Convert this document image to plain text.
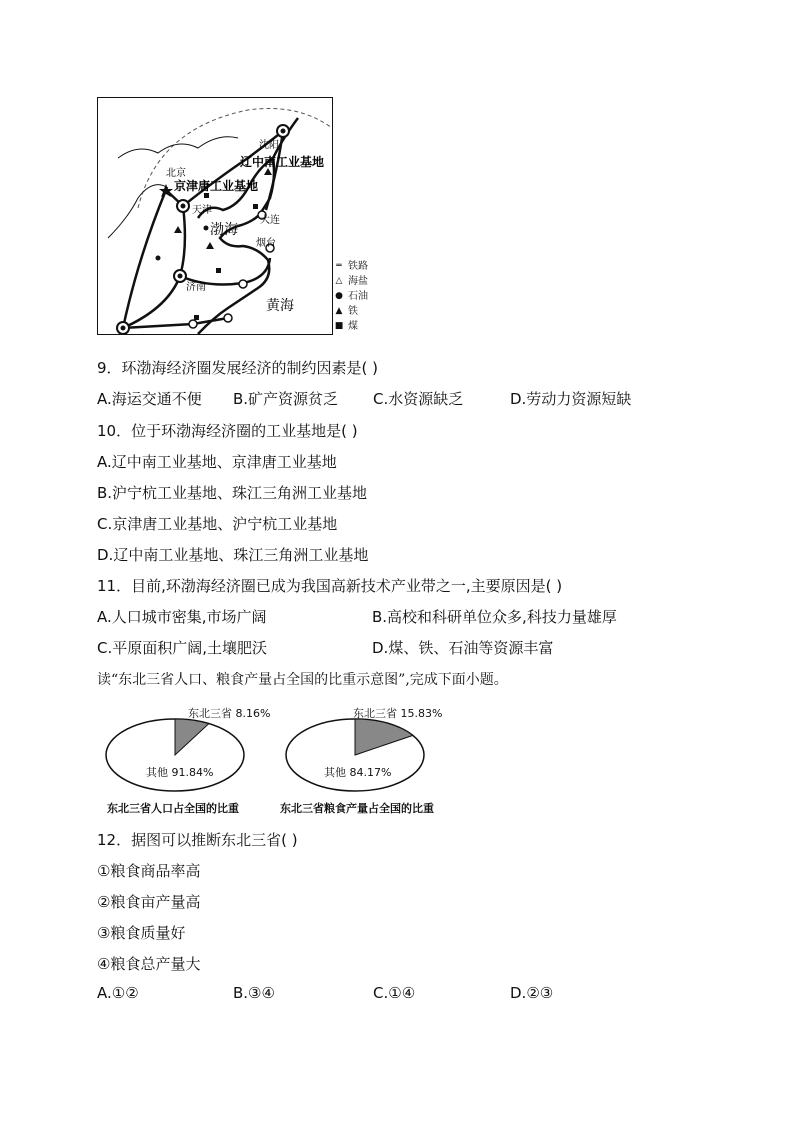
沈阳
辽中南工业基地
北京
京津唐工业基地
天津
大连
渤海
烟台
济南
黄海
═ 铁路
△ 海盐
● 石油
▲ 铁
■ 煤
9．环渤海经济圈发展经济的制约因素是( )
A.海运交通不便 B.矿产资源贫乏 C.水资源缺乏	D.劳动力资源短缺
10．位于环渤海经济圈的工业基地是( )
A.辽中南工业基地、京津唐工业基地
B.沪宁杭工业基地、珠江三角洲工业基地
C.京津唐工业基地、沪宁杭工业基地
D.辽中南工业基地、珠江三角洲工业基地
11．目前,环渤海经济圈已成为我国高新技术产业带之一,主要原因是( )
A.人口城市密集,市场广阔	B.高校和科研单位众多,科技力量雄厚
C.平原面积广阔,土壤肥沃	D.煤、铁、石油等资源丰富
读“东北三省人口、粮食产量占全国的比重示意图”,完成下面小题。
东北三省 8.16%
其他 91.84%
东北三省人口占全国的比重
东北三省 15.83%
其他 84.17%
东北三省粮食产量占全国的比重
12．据图可以推断东北三省( )
①粮食商品率高
②粮食亩产量高
③粮食质量好
④粮食总产量大
A.①②	B.③④	C.①④	D.②③
